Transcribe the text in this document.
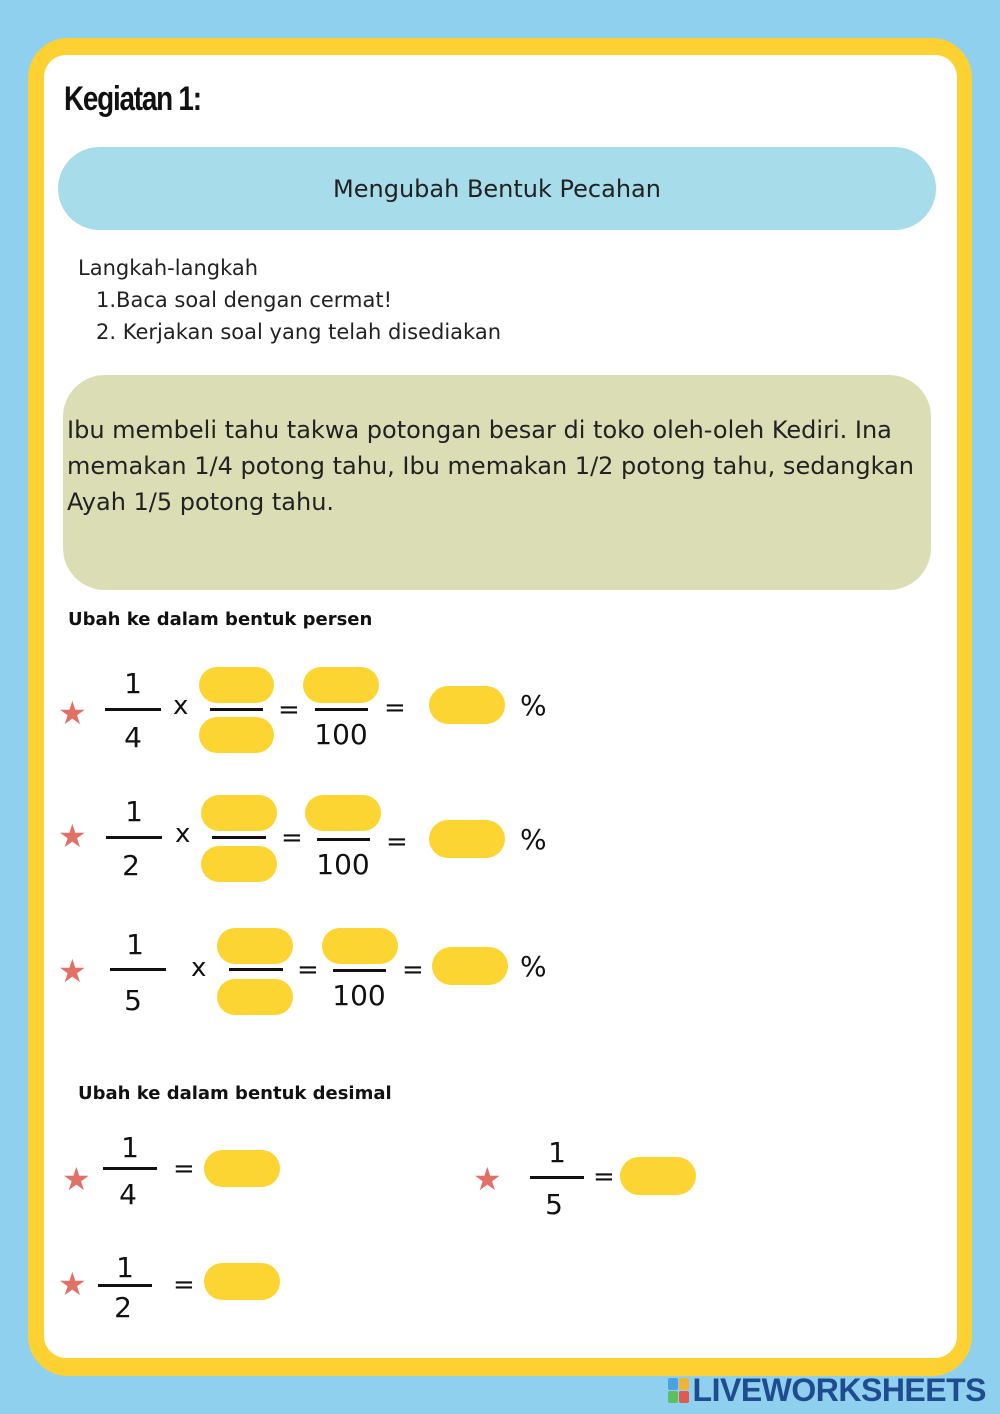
Kegiatan 1:
Mengubah Bentuk Pecahan
Langkah-langkah
1.Baca soal dengan cermat!
2. Kerjakan soal yang telah disediakan
Ibu membeli tahu takwa potongan besar di toko oleh-oleh Kediri. Ina memakan 1/4 potong tahu, Ibu memakan 1/2 potong tahu, sedangkan Ayah 1/5 potong tahu.
Ubah ke dalam bentuk persen
★
1
4
x	=
100
=	%
★
1
2
x	=
100
=	%
★
1
5
x	=
100
=	%
Ubah ke dalam bentuk desimal
★
1
4
=	★
1
5
=
★	1
2
=
LIVEWORKSHEETS
